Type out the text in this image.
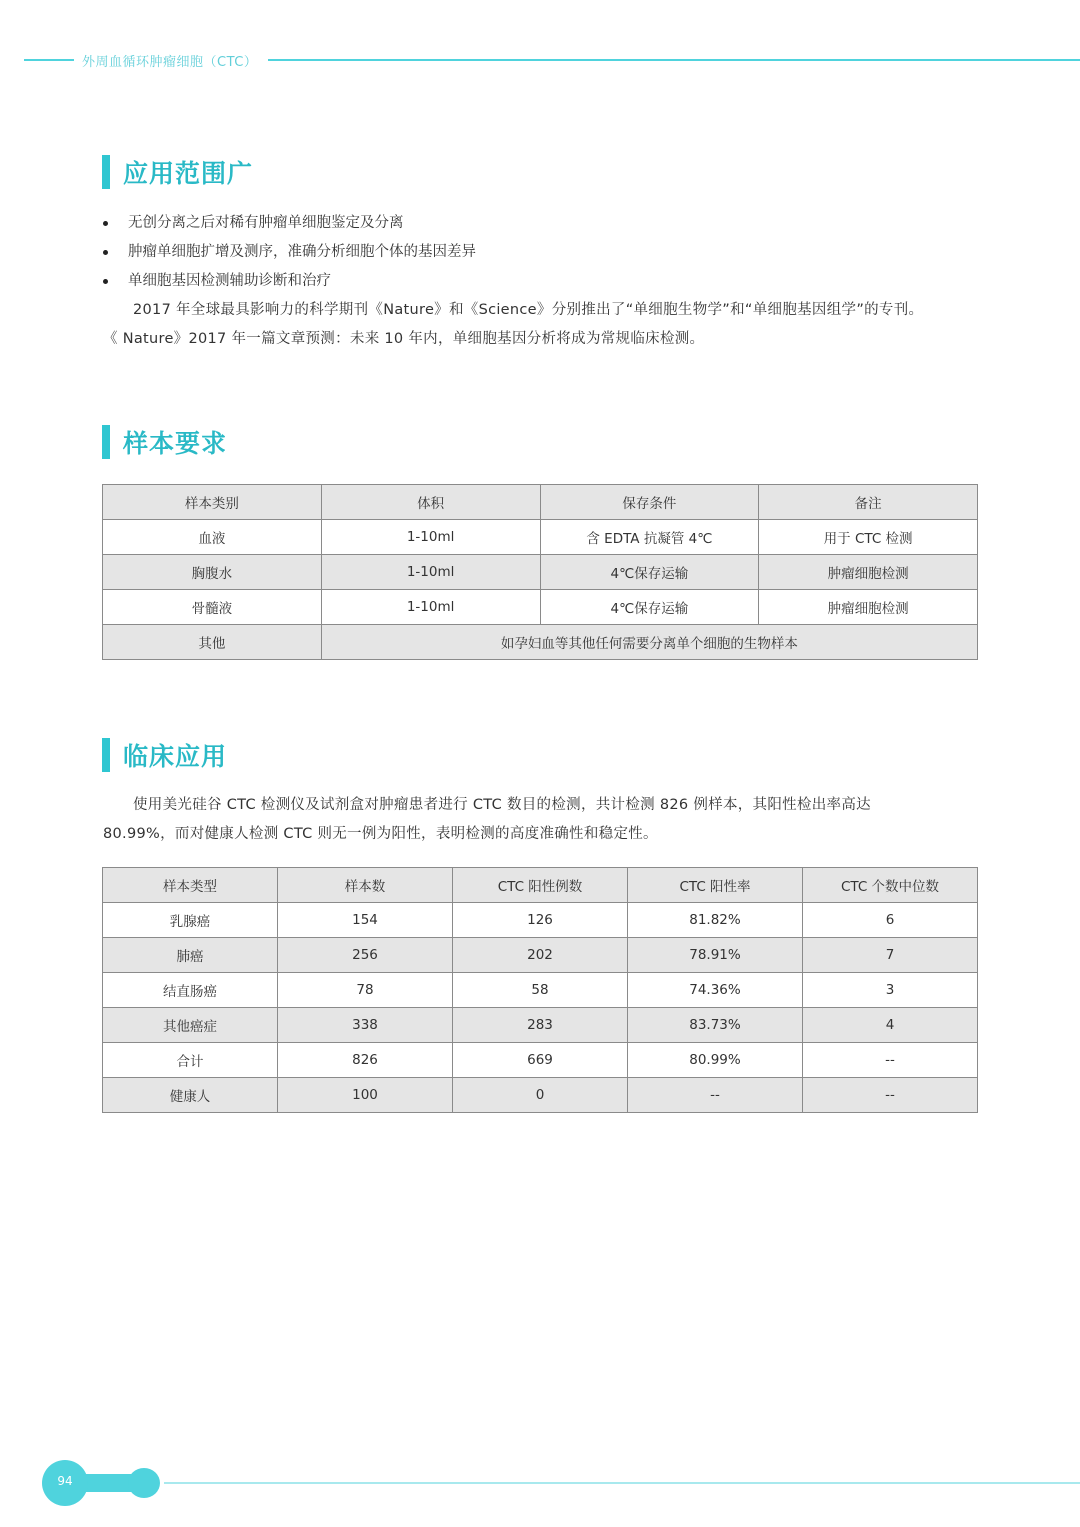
外周血循环肿瘤细胞（CTC）
应用范围广
无创分离之后对稀有肿瘤单细胞鉴定及分离
肿瘤单细胞扩增及测序，准确分析细胞个体的基因差异
单细胞基因检测辅助诊断和治疗

2017 年全球最具影响力的科学期刊《Nature》和《Science》分别推出了“单细胞生物学”和“单细胞基因组学”的专刊。
《 Nature》2017 年一篇文章预测：未来 10 年内，单细胞基因分析将成为常规临床检测。

样本要求
样本类别	体积	保存条件	备注
血液	1-10ml	含 EDTA 抗凝管 4℃	用于 CTC 检测
胸腹水	1-10ml	4℃保存运输	肿瘤细胞检测
骨髓液	1-10ml	4℃保存运输	肿瘤细胞检测
其他	如孕妇血等其他任何需要分离单个细胞的生物样本		
临床应用

使用美光硅谷 CTC 检测仪及试剂盒对肿瘤患者进行 CTC 数目的检测，共计检测 826 例样本，其阳性检出率高达
80.99%，而对健康人检测 CTC 则无一例为阳性，表明检测的高度准确性和稳定性。

样本类型	样本数	CTC 阳性例数	CTC 阳性率	CTC 个数中位数
乳腺癌	154	126	81.82%	6
肺癌	256	202	78.91%	7
结直肠癌	78	58	74.36%	3
其他癌症	338	283	83.73%	4
合计	826	669	80.99%	--
健康人	100	0	--	--
94
